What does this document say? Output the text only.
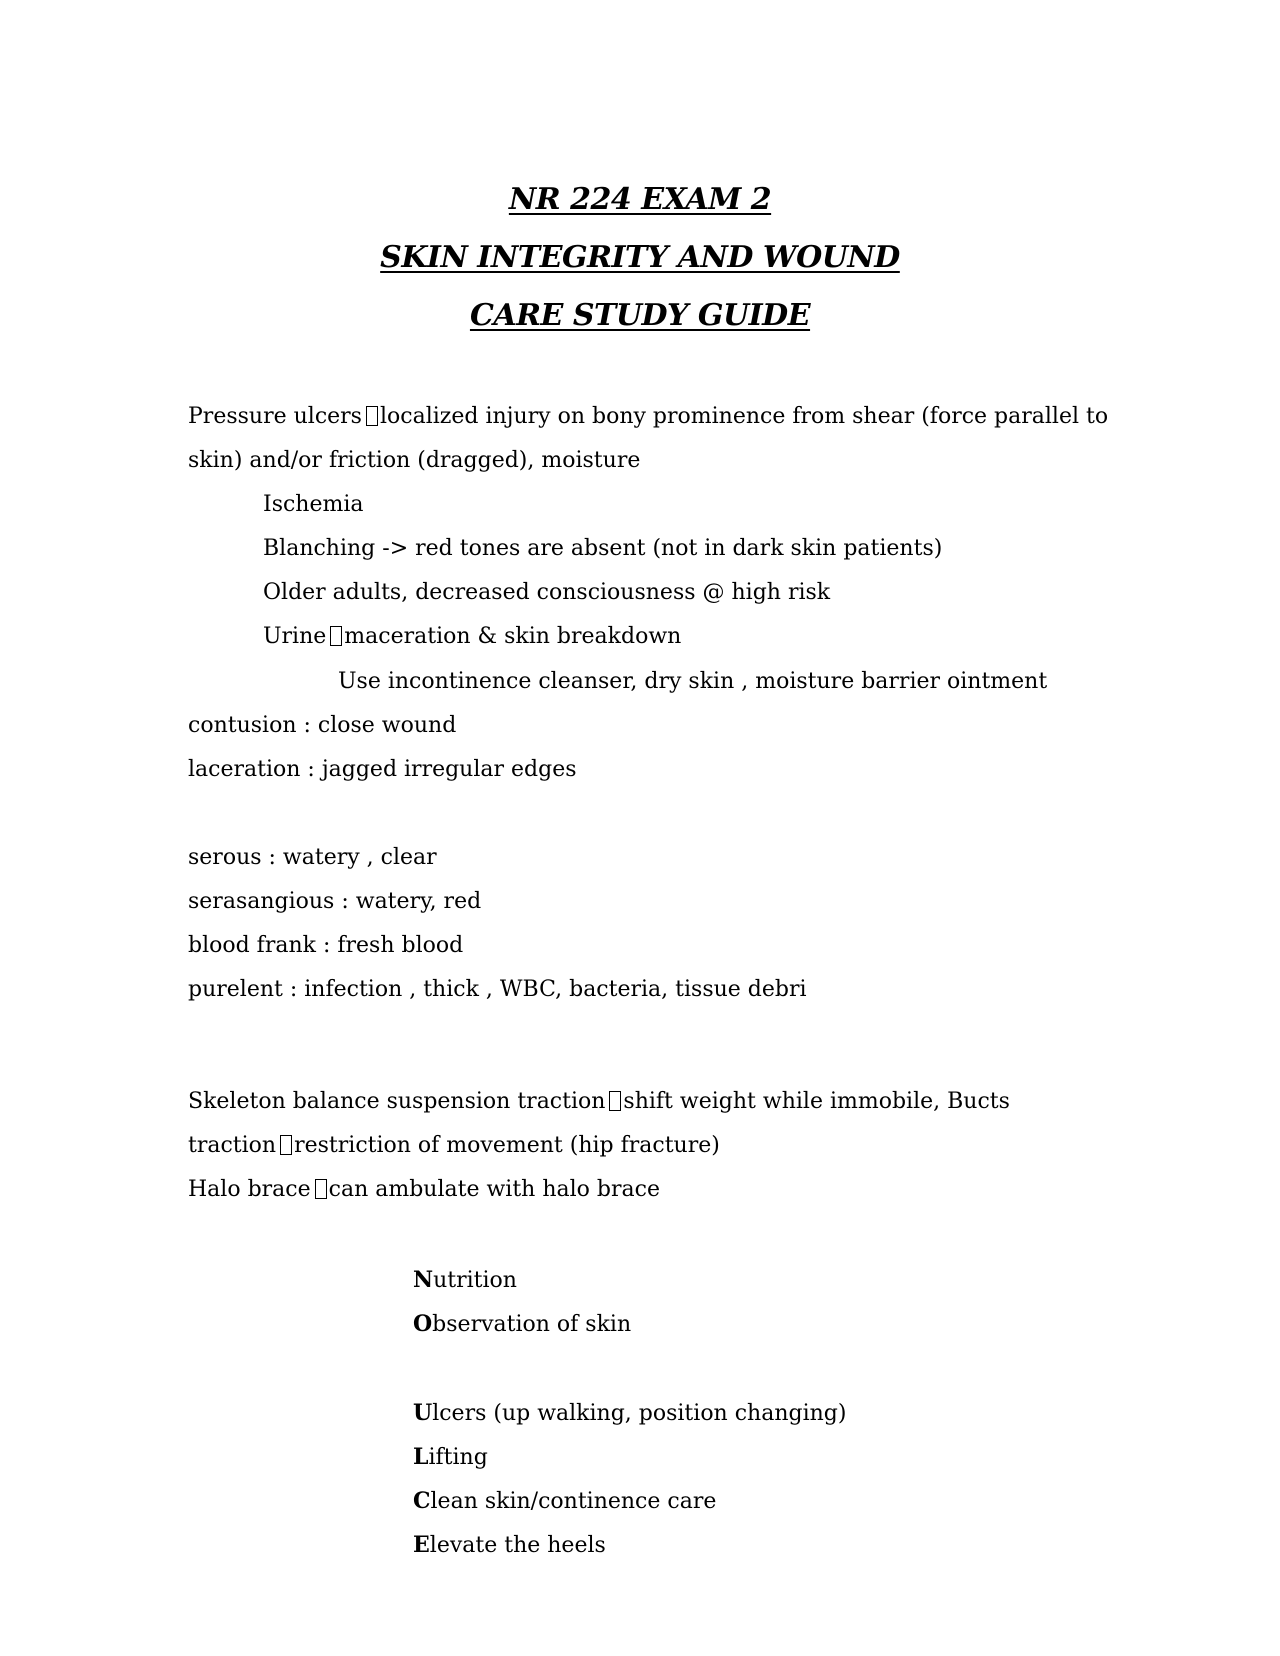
NR 224 EXAM 2
SKIN INTEGRITY AND WOUND
CARE STUDY GUIDE
Pressure ulcers localized injury on bony prominence from shear (force parallel to
skin) and/or friction (dragged), moisture
Ischemia
Blanching -> red tones are absent (not in dark skin patients)
Older adults, decreased consciousness @ high risk
Urine maceration & skin breakdown
Use incontinence cleanser, dry skin , moisture barrier ointment
contusion : close wound
laceration : jagged irregular edges
serous : watery , clear
serasangious : watery, red
blood frank : fresh blood
purelent : infection , thick , WBC, bacteria, tissue debri
Skeleton balance suspension traction shift weight while immobile, Bucts
traction restriction of movement (hip fracture)
Halo brace can ambulate with halo brace
Nutrition
Observation of skin
Ulcers (up walking, position changing)
Lifting
Clean skin/continence care
Elevate the heels
